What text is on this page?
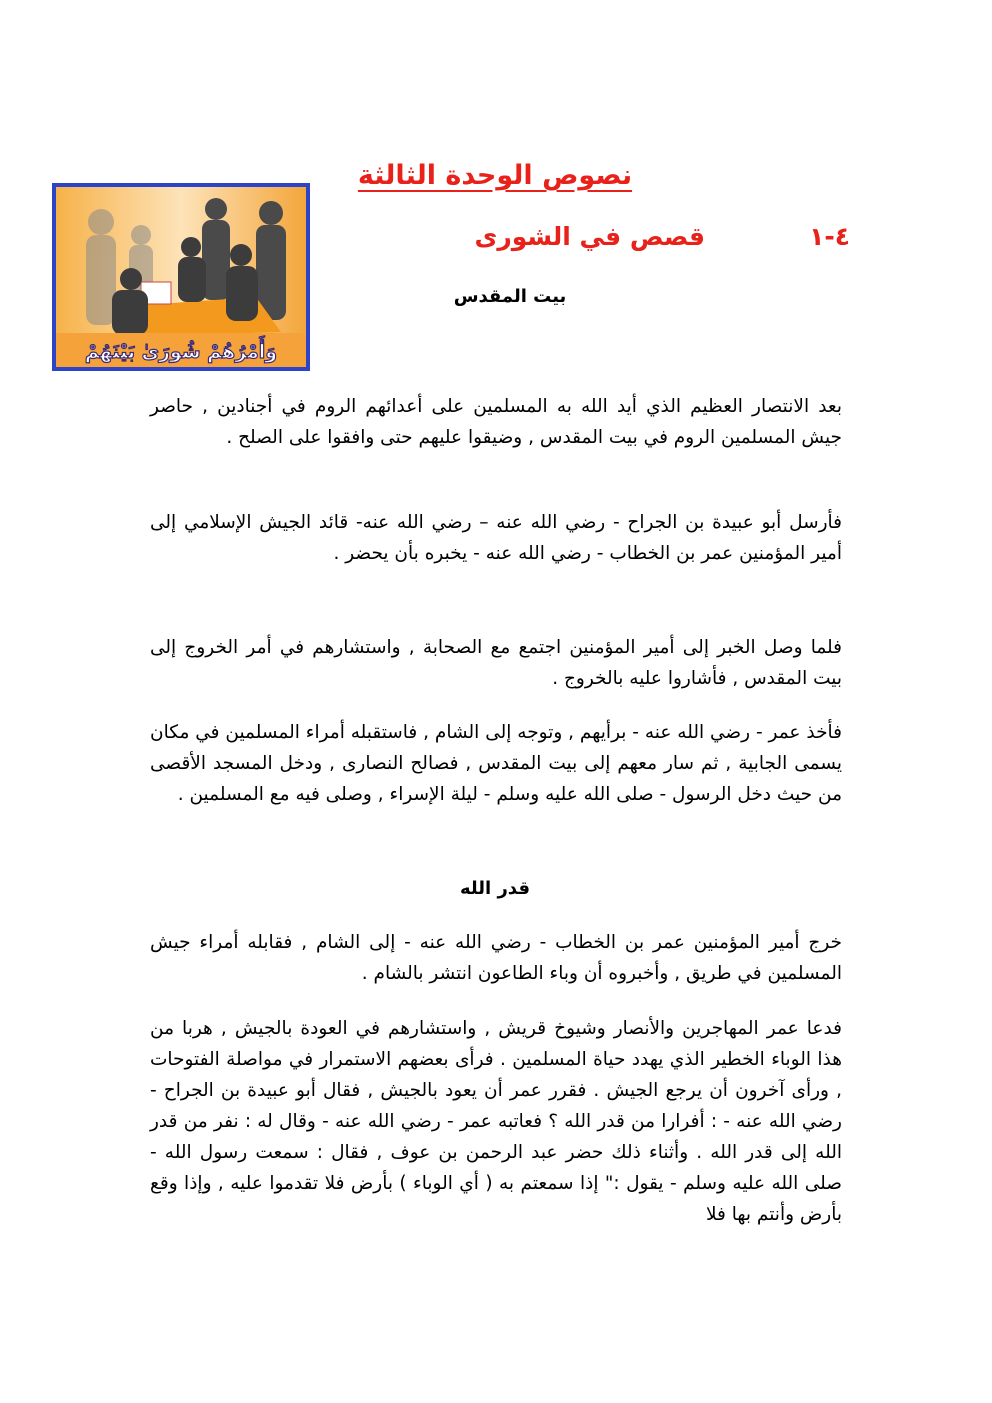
نصوص الوحدة الثالثة
٤-١
قصص في الشورى
وَأَمْرُهُمْ شُورَىٰ بَيْنَهُمْ
بيت المقدس

بعد الانتصار العظيم الذي أيد الله به المسلمين على أعدائهم الروم في أجنادين , حاصر جيش المسلمين الروم في بيت المقدس , وضيقوا عليهم حتى وافقوا على الصلح .

فأرسل أبو عبيدة بن الجراح - رضي الله عنه – رضي الله عنه- قائد الجيش الإسلامي إلى أمير المؤمنين عمر بن الخطاب - رضي الله عنه - يخبره بأن يحضر .

فلما وصل الخبر إلى أمير المؤمنين اجتمع مع الصحابة , واستشارهم في أمر الخروج إلى بيت المقدس , فأشاروا عليه بالخروج .

فأخذ عمر - رضي الله عنه - برأيهم , وتوجه إلى الشام , فاستقبله أمراء المسلمين في مكان يسمى الجابية , ثم سار معهم إلى بيت المقدس , فصالح النصارى , ودخل المسجد الأقصى من حيث دخل الرسول - صلى الله عليه وسلم - ليلة الإسراء , وصلى فيه مع المسلمين .

قدر الله

خرج أمير المؤمنين عمر بن الخطاب - رضي الله عنه - إلى الشام , فقابله أمراء جيش المسلمين في طريق , وأخبروه أن وباء الطاعون انتشر بالشام .

فدعا عمر المهاجرين والأنصار وشيوخ قريش , واستشارهم في العودة بالجيش , هربا من هذا الوباء الخطير الذي يهدد حياة المسلمين . فرأى بعضهم الاستمرار في مواصلة الفتوحات , ورأى آخرون أن يرجع الجيش . فقرر عمر أن يعود بالجيش , فقال أبو عبيدة بن الجراح - رضي الله عنه - : أفرارا من قدر الله ؟ فعاتبه عمر - رضي الله عنه - وقال له : نفر من قدر الله إلى قدر الله . وأثناء ذلك حضر عبد الرحمن بن عوف , فقال : سمعت رسول الله - صلى الله عليه وسلم - يقول :" إذا سمعتم به ( أي الوباء ) بأرض فلا تقدموا عليه , وإذا وقع بأرض وأنتم بها فلا
